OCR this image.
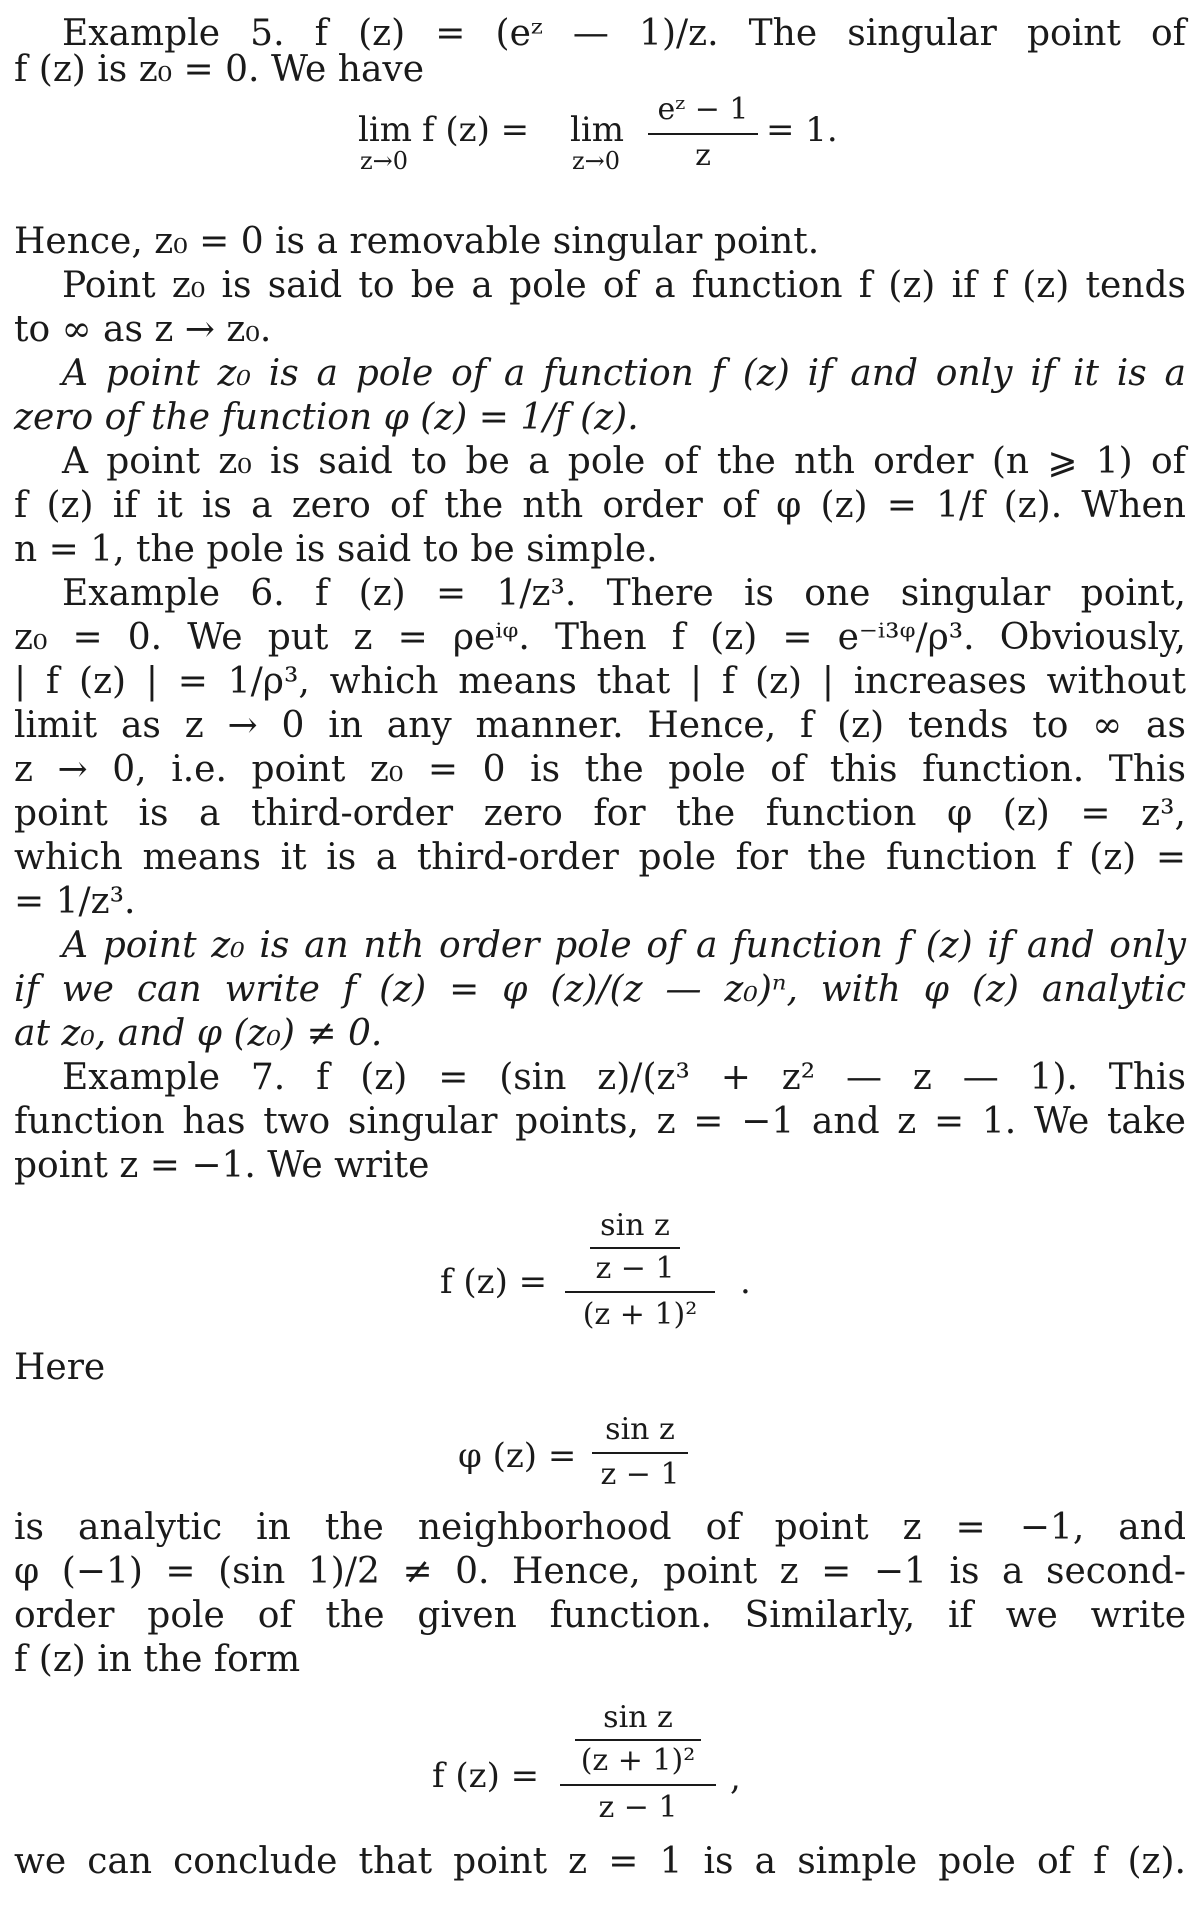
Example 5. f (z) = (eᶻ — 1)/z. The singular point of
f (z) is z₀ = 0. We have
lim
z→0
f (z) = lim
z→0
eᶻ − 1
z
= 1.
Hence, z₀ = 0 is a removable singular point.
Point z₀ is said to be a pole of a function f (z) if f (z) tends
to ∞ as z → z₀.
A point z₀ is a pole of a function f (z) if and only if it is a
zero of the function φ (z) = 1/f (z).
A point z₀ is said to be a pole of the nth order (n ⩾ 1) of
f (z) if it is a zero of the nth order of φ (z) = 1/f (z). When
n = 1, the pole is said to be simple.
Example 6. f (z) = 1/z³. There is one singular point,
z₀ = 0. We put z = ρeⁱᵠ. Then f (z) = e⁻ⁱ³ᵠ/ρ³. Obviously,
| f (z) | = 1/ρ³, which means that | f (z) | increases without
limit as z → 0 in any manner. Hence, f (z) tends to ∞ as
z → 0, i.e. point z₀ = 0 is the pole of this function. This
point is a third-order zero for the function φ (z) = z³,
which means it is a third-order pole for the function f (z) =
= 1/z³.
A point z₀ is an nth order pole of a function f (z) if and only
if we can write f (z) = φ (z)/(z — z₀)ⁿ, with φ (z) analytic
at z₀, and φ (z₀) ≠ 0.
Example 7. f (z) = (sin z)/(z³ + z² — z — 1). This
function has two singular points, z = −1 and z = 1. We take
point z = −1. We write
f (z) =
sin z
z − 1
(z + 1)²
.
Here
φ (z) =
sin z
z − 1
is analytic in the neighborhood of point z = −1, and
φ (−1) = (sin 1)/2 ≠ 0. Hence, point z = −1 is a second-
order pole of the given function. Similarly, if we write
f (z) in the form
f (z) =
sin z
(z + 1)²
z − 1
,
we can conclude that point z = 1 is a simple pole of f (z).
